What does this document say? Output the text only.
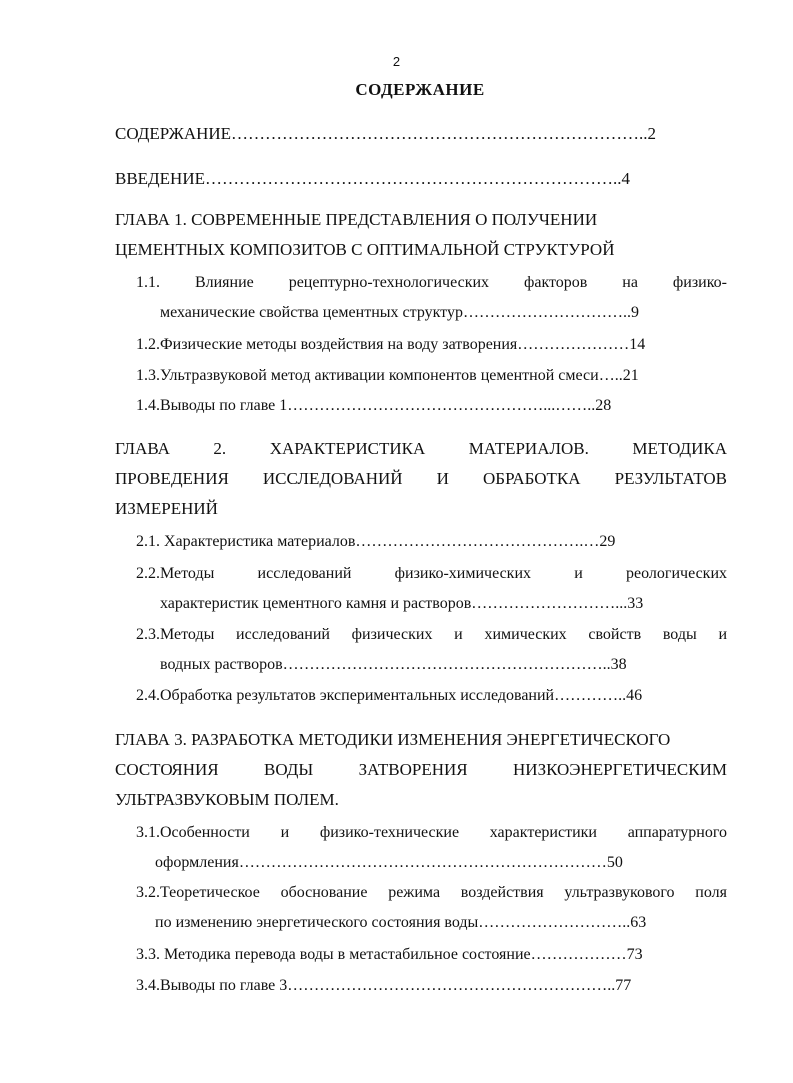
2
СОДЕРЖАНИЕ
СОДЕРЖАНИЕ………………………………………………………………..2
ВВЕДЕНИЕ………………………………………………………………..4
ГЛАВА 1. СОВРЕМЕННЫЕ ПРЕДСТАВЛЕНИЯ О ПОЛУЧЕНИИ
ЦЕМЕНТНЫХ КОМПОЗИТОВ С ОПТИМАЛЬНОЙ СТРУКТУРОЙ
1.1. Влияние рецептурно-технологических факторов на физико-
механические свойства цементных структур…………………………..9
1.2.Физические методы воздействия на воду затворения…………………14
1.3.Ультразвуковой метод активации компонентов цементной смеси…..21
1.4.Выводы по главе 1…………………………………………...……..28
ГЛАВА 2. ХАРАКТЕРИСТИКА МАТЕРИАЛОВ. МЕТОДИКА
ПРОВЕДЕНИЯ ИССЛЕДОВАНИЙ И ОБРАБОТКА РЕЗУЛЬТАТОВ
ИЗМЕРЕНИЙ
2.1. Характеристика материалов…………………………………….…29
2.2.Методы исследований физико-химических и реологических
характеристик цементного камня и растворов………………………...33
2.3.Методы исследований физических и химических свойств воды и
водных растворов……………………………………………………..38
2.4.Обработка результатов экспериментальных исследований…………..46
ГЛАВА 3. РАЗРАБОТКА МЕТОДИКИ ИЗМЕНЕНИЯ ЭНЕРГЕТИЧЕСКОГО
СОСТОЯНИЯ ВОДЫ ЗАТВОРЕНИЯ НИЗКОЭНЕРГЕТИЧЕСКИМ
УЛЬТРАЗВУКОВЫМ ПОЛЕМ.
3.1.Особенности и физико-технические характеристики аппаратурного
оформления……………………………………………………………50
3.2.Теоретическое обоснование режима воздействия ультразвукового поля
по изменению энергетического состояния воды………………………..63
3.3. Методика перевода воды в метастабильное состояние………………73
3.4.Выводы по главе 3……………………………………………………..77
